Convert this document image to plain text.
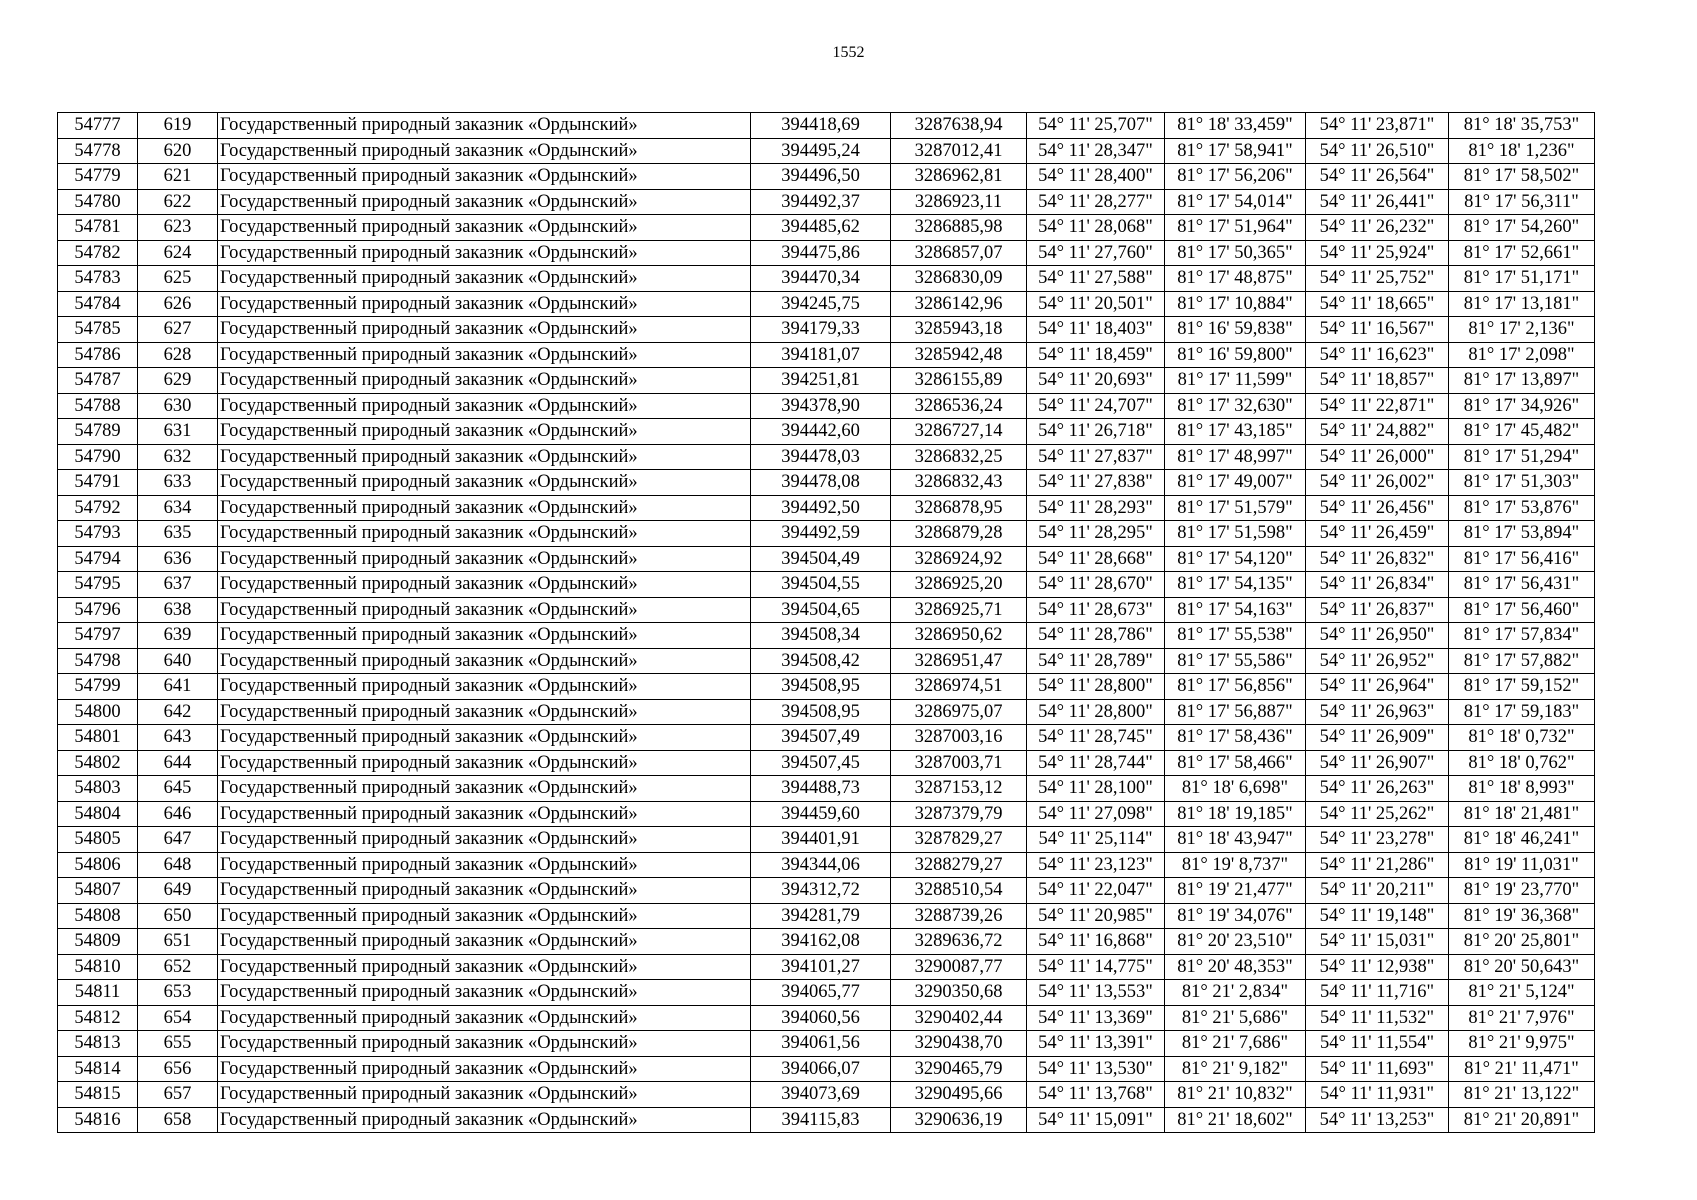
1552
54777	619	Государственный природный заказник «Ордынский»	394418,69	3287638,94	54° 11' 25,707"	81° 18' 33,459"	54° 11' 23,871"	81° 18' 35,753"
54778	620	Государственный природный заказник «Ордынский»	394495,24	3287012,41	54° 11' 28,347"	81° 17' 58,941"	54° 11' 26,510"	81° 18' 1,236"
54779	621	Государственный природный заказник «Ордынский»	394496,50	3286962,81	54° 11' 28,400"	81° 17' 56,206"	54° 11' 26,564"	81° 17' 58,502"
54780	622	Государственный природный заказник «Ордынский»	394492,37	3286923,11	54° 11' 28,277"	81° 17' 54,014"	54° 11' 26,441"	81° 17' 56,311"
54781	623	Государственный природный заказник «Ордынский»	394485,62	3286885,98	54° 11' 28,068"	81° 17' 51,964"	54° 11' 26,232"	81° 17' 54,260"
54782	624	Государственный природный заказник «Ордынский»	394475,86	3286857,07	54° 11' 27,760"	81° 17' 50,365"	54° 11' 25,924"	81° 17' 52,661"
54783	625	Государственный природный заказник «Ордынский»	394470,34	3286830,09	54° 11' 27,588"	81° 17' 48,875"	54° 11' 25,752"	81° 17' 51,171"
54784	626	Государственный природный заказник «Ордынский»	394245,75	3286142,96	54° 11' 20,501"	81° 17' 10,884"	54° 11' 18,665"	81° 17' 13,181"
54785	627	Государственный природный заказник «Ордынский»	394179,33	3285943,18	54° 11' 18,403"	81° 16' 59,838"	54° 11' 16,567"	81° 17' 2,136"
54786	628	Государственный природный заказник «Ордынский»	394181,07	3285942,48	54° 11' 18,459"	81° 16' 59,800"	54° 11' 16,623"	81° 17' 2,098"
54787	629	Государственный природный заказник «Ордынский»	394251,81	3286155,89	54° 11' 20,693"	81° 17' 11,599"	54° 11' 18,857"	81° 17' 13,897"
54788	630	Государственный природный заказник «Ордынский»	394378,90	3286536,24	54° 11' 24,707"	81° 17' 32,630"	54° 11' 22,871"	81° 17' 34,926"
54789	631	Государственный природный заказник «Ордынский»	394442,60	3286727,14	54° 11' 26,718"	81° 17' 43,185"	54° 11' 24,882"	81° 17' 45,482"
54790	632	Государственный природный заказник «Ордынский»	394478,03	3286832,25	54° 11' 27,837"	81° 17' 48,997"	54° 11' 26,000"	81° 17' 51,294"
54791	633	Государственный природный заказник «Ордынский»	394478,08	3286832,43	54° 11' 27,838"	81° 17' 49,007"	54° 11' 26,002"	81° 17' 51,303"
54792	634	Государственный природный заказник «Ордынский»	394492,50	3286878,95	54° 11' 28,293"	81° 17' 51,579"	54° 11' 26,456"	81° 17' 53,876"
54793	635	Государственный природный заказник «Ордынский»	394492,59	3286879,28	54° 11' 28,295"	81° 17' 51,598"	54° 11' 26,459"	81° 17' 53,894"
54794	636	Государственный природный заказник «Ордынский»	394504,49	3286924,92	54° 11' 28,668"	81° 17' 54,120"	54° 11' 26,832"	81° 17' 56,416"
54795	637	Государственный природный заказник «Ордынский»	394504,55	3286925,20	54° 11' 28,670"	81° 17' 54,135"	54° 11' 26,834"	81° 17' 56,431"
54796	638	Государственный природный заказник «Ордынский»	394504,65	3286925,71	54° 11' 28,673"	81° 17' 54,163"	54° 11' 26,837"	81° 17' 56,460"
54797	639	Государственный природный заказник «Ордынский»	394508,34	3286950,62	54° 11' 28,786"	81° 17' 55,538"	54° 11' 26,950"	81° 17' 57,834"
54798	640	Государственный природный заказник «Ордынский»	394508,42	3286951,47	54° 11' 28,789"	81° 17' 55,586"	54° 11' 26,952"	81° 17' 57,882"
54799	641	Государственный природный заказник «Ордынский»	394508,95	3286974,51	54° 11' 28,800"	81° 17' 56,856"	54° 11' 26,964"	81° 17' 59,152"
54800	642	Государственный природный заказник «Ордынский»	394508,95	3286975,07	54° 11' 28,800"	81° 17' 56,887"	54° 11' 26,963"	81° 17' 59,183"
54801	643	Государственный природный заказник «Ордынский»	394507,49	3287003,16	54° 11' 28,745"	81° 17' 58,436"	54° 11' 26,909"	81° 18' 0,732"
54802	644	Государственный природный заказник «Ордынский»	394507,45	3287003,71	54° 11' 28,744"	81° 17' 58,466"	54° 11' 26,907"	81° 18' 0,762"
54803	645	Государственный природный заказник «Ордынский»	394488,73	3287153,12	54° 11' 28,100"	81° 18' 6,698"	54° 11' 26,263"	81° 18' 8,993"
54804	646	Государственный природный заказник «Ордынский»	394459,60	3287379,79	54° 11' 27,098"	81° 18' 19,185"	54° 11' 25,262"	81° 18' 21,481"
54805	647	Государственный природный заказник «Ордынский»	394401,91	3287829,27	54° 11' 25,114"	81° 18' 43,947"	54° 11' 23,278"	81° 18' 46,241"
54806	648	Государственный природный заказник «Ордынский»	394344,06	3288279,27	54° 11' 23,123"	81° 19' 8,737"	54° 11' 21,286"	81° 19' 11,031"
54807	649	Государственный природный заказник «Ордынский»	394312,72	3288510,54	54° 11' 22,047"	81° 19' 21,477"	54° 11' 20,211"	81° 19' 23,770"
54808	650	Государственный природный заказник «Ордынский»	394281,79	3288739,26	54° 11' 20,985"	81° 19' 34,076"	54° 11' 19,148"	81° 19' 36,368"
54809	651	Государственный природный заказник «Ордынский»	394162,08	3289636,72	54° 11' 16,868"	81° 20' 23,510"	54° 11' 15,031"	81° 20' 25,801"
54810	652	Государственный природный заказник «Ордынский»	394101,27	3290087,77	54° 11' 14,775"	81° 20' 48,353"	54° 11' 12,938"	81° 20' 50,643"
54811	653	Государственный природный заказник «Ордынский»	394065,77	3290350,68	54° 11' 13,553"	81° 21' 2,834"	54° 11' 11,716"	81° 21' 5,124"
54812	654	Государственный природный заказник «Ордынский»	394060,56	3290402,44	54° 11' 13,369"	81° 21' 5,686"	54° 11' 11,532"	81° 21' 7,976"
54813	655	Государственный природный заказник «Ордынский»	394061,56	3290438,70	54° 11' 13,391"	81° 21' 7,686"	54° 11' 11,554"	81° 21' 9,975"
54814	656	Государственный природный заказник «Ордынский»	394066,07	3290465,79	54° 11' 13,530"	81° 21' 9,182"	54° 11' 11,693"	81° 21' 11,471"
54815	657	Государственный природный заказник «Ордынский»	394073,69	3290495,66	54° 11' 13,768"	81° 21' 10,832"	54° 11' 11,931"	81° 21' 13,122"
54816	658	Государственный природный заказник «Ордынский»	394115,83	3290636,19	54° 11' 15,091"	81° 21' 18,602"	54° 11' 13,253"	81° 21' 20,891"
